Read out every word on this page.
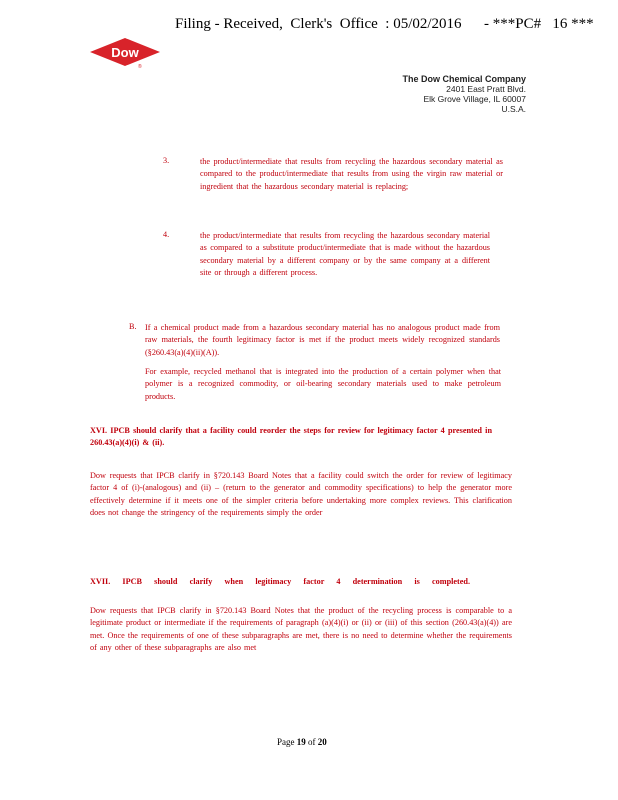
Filing - Received,  Clerk's  Office  : 05/02/2016      - ***PC#   16 ***
Dow
®
The Dow Chemical Company
2401 East Pratt Blvd.
Elk Grove Village, IL 60007
U.S.A.
3.	the product/intermediate that results from recycling the hazardous secondary material as compared to the product/intermediate that results from using the virgin raw material or ingredient that the hazardous secondary material is replacing;
4.	the product/intermediate that results from recycling the hazardous secondary material as compared to a substitute product/intermediate that is made without the hazardous secondary material by a different company or by the same company at a different site or through a different process.
B. If a chemical product made from a hazardous secondary material has no analogous product made from raw materials, the fourth legitimacy factor is met if the product meets widely recognized standards (§260.43(a)(4)(ii)(A)).
For example, recycled methanol that is integrated into the production of a certain polymer when that polymer is a recognized commodity, or oil-bearing secondary materials used to make petroleum products.
XVI. IPCB should clarify that a facility could reorder the steps for review for legitimacy factor 4 presented in 260.43(a)(4)(i) & (ii).
Dow requests that IPCB clarify in §720.143 Board Notes that a facility could switch the order for review of legitimacy factor 4 of (i)-(analogous) and (ii) – (return to the generator and commodity specifications) to help the generator more effectively determine if it meets one of the simpler criteria before undertaking more complex reviews. This clarification does not change the stringency of the requirements simply the order
XVII. IPCB should clarify when legitimacy factor 4 determination is completed.
Dow requests that IPCB clarify in §720.143 Board Notes that the product of the recycling process is comparable to a legitimate product or intermediate if the requirements of paragraph (a)(4)(i) or (ii) or (iii) of this section (260.43(a)(4)) are met. Once the requirements of one of these subparagraphs are met, there is no need to determine whether the requirements of any other of these subparagraphs are also met
Page 19 of 20
